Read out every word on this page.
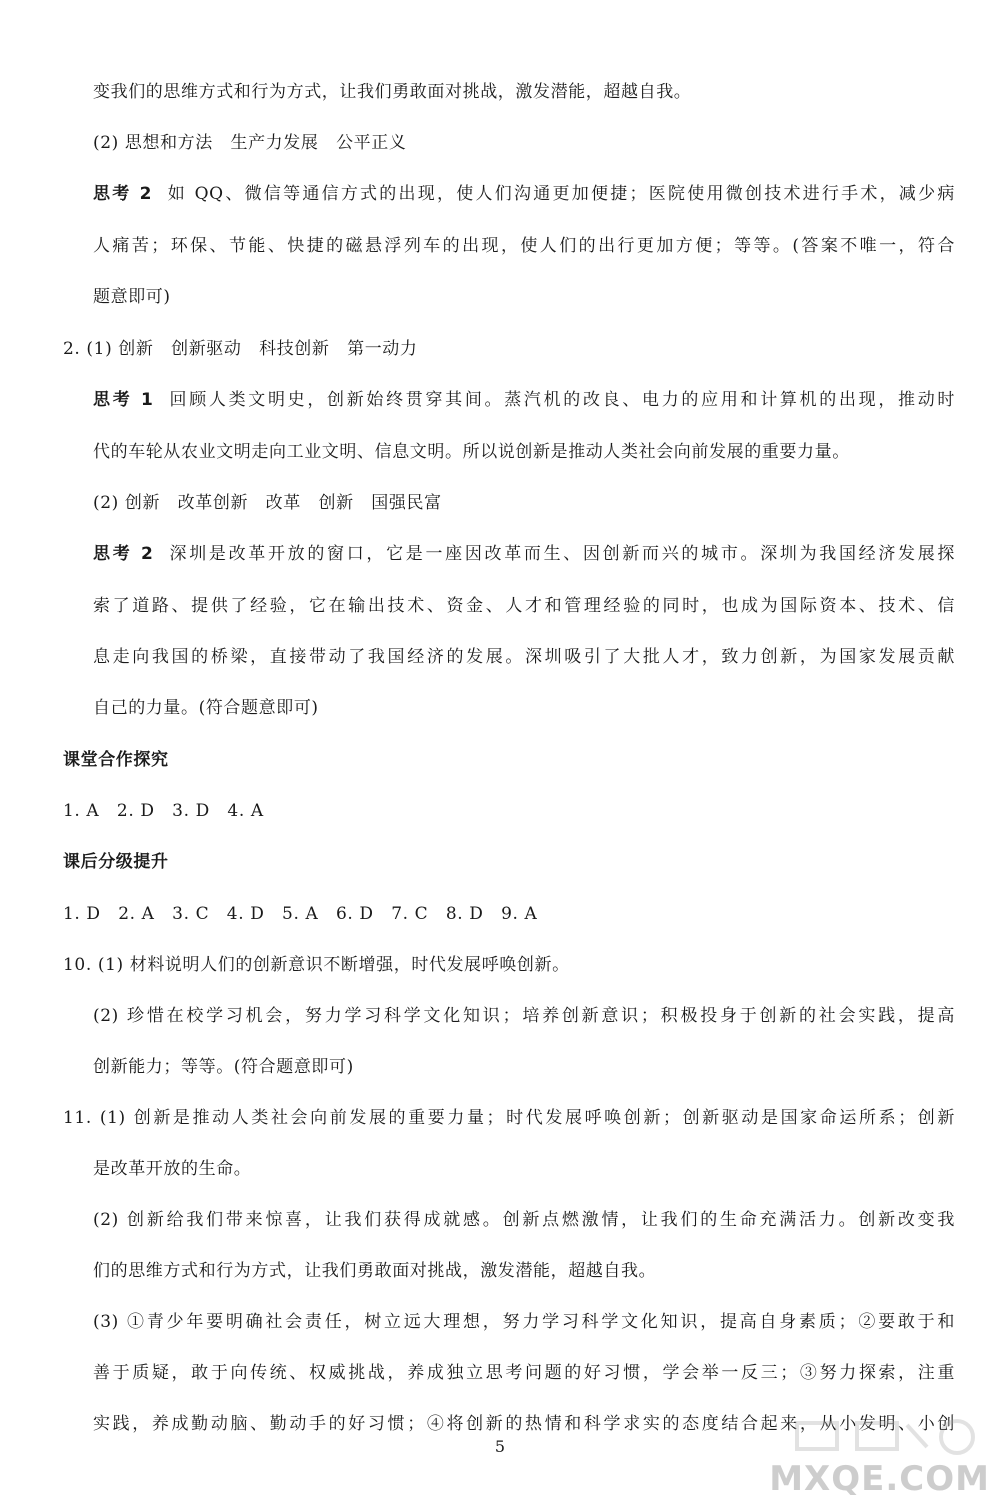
变我们的思维方式和行为方式，让我们勇敢面对挑战，激发潜能，超越自我。
(2) 思想和方法　生产力发展　公平正义
思考 2 如 QQ、微信等通信方式的出现，使人们沟通更加便捷；医院使用微创技术进行手术，减少病
人痛苦；环保、节能、快捷的磁悬浮列车的出现，使人们的出行更加方便；等等。(答案不唯一，符合
题意即可)
2. (1) 创新　创新驱动　科技创新　第一动力
思考 1 回顾人类文明史，创新始终贯穿其间。蒸汽机的改良、电力的应用和计算机的出现，推动时
代的车轮从农业文明走向工业文明、信息文明。所以说创新是推动人类社会向前发展的重要力量。
(2) 创新　改革创新　改革　创新　国强民富
思考 2 深圳是改革开放的窗口，它是一座因改革而生、因创新而兴的城市。深圳为我国经济发展探
索了道路、提供了经验，它在输出技术、资金、人才和管理经验的同时，也成为国际资本、技术、信
息走向我国的桥梁，直接带动了我国经济的发展。深圳吸引了大批人才，致力创新，为国家发展贡献
自己的力量。(符合题意即可)
课堂合作探究
1. A　2. D　3. D　4. A
课后分级提升
1. D　2. A　3. C　4. D　5. A　6. D　7. C　8. D　9. A
10. (1) 材料说明人们的创新意识不断增强，时代发展呼唤创新。
(2) 珍惜在校学习机会，努力学习科学文化知识；培养创新意识；积极投身于创新的社会实践，提高
创新能力；等等。(符合题意即可)
11. (1) 创新是推动人类社会向前发展的重要力量；时代发展呼唤创新；创新驱动是国家命运所系；创新
是改革开放的生命。
(2) 创新给我们带来惊喜，让我们获得成就感。创新点燃激情，让我们的生命充满活力。创新改变我
们的思维方式和行为方式，让我们勇敢面对挑战，激发潜能，超越自我。
(3) ①青少年要明确社会责任，树立远大理想，努力学习科学文化知识，提高自身素质；②要敢于和
善于质疑，敢于向传统、权威挑战，养成独立思考问题的好习惯，学会举一反三；③努力探索，注重
实践，养成勤动脑、勤动手的好习惯；④将创新的热情和科学求实的态度结合起来，从小发明、小创
5
MXQE.COM
